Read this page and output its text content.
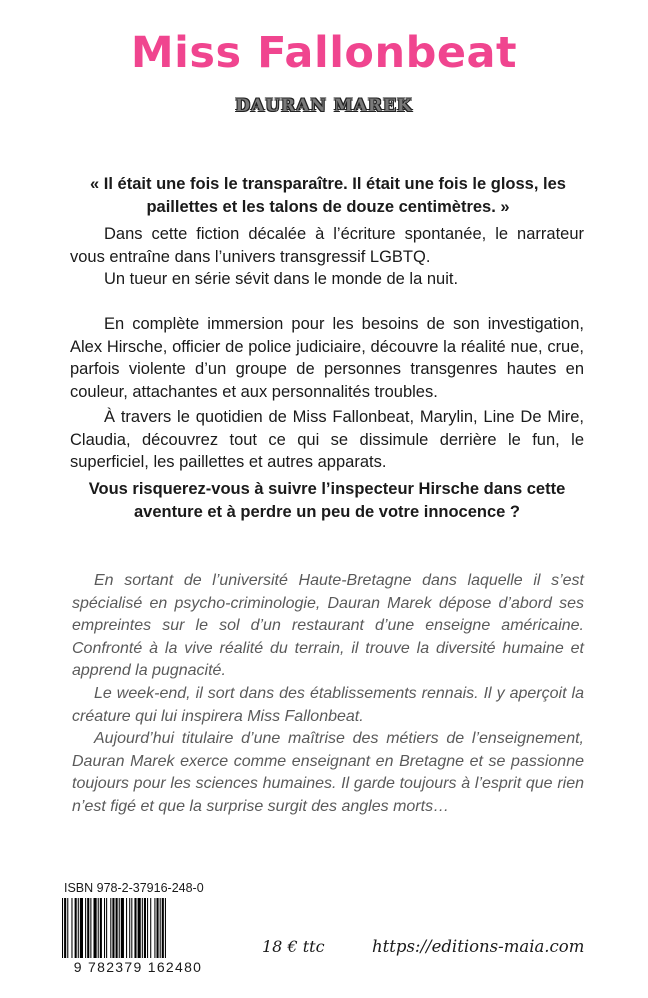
Miss Fallonbeat
DAURAN MAREK
« Il était une fois le transparaître. Il était une fois le gloss, les paillettes et les talons de douze centimètres. »
Dans cette fiction décalée à l’écriture spontanée, le narrateur vous entraîne dans l’univers transgressif LGBTQ.
Un tueur en série sévit dans le monde de la nuit.
En complète immersion pour les besoins de son investigation, Alex Hirsche, officier de police judiciaire, découvre la réalité nue, crue, parfois violente d’un groupe de personnes transgenres hautes en couleur, attachantes et aux personnalités troubles.
À travers le quotidien de Miss Fallonbeat, Marylin, Line De Mire, Claudia, découvrez tout ce qui se dissimule derrière le fun, le superficiel, les paillettes et autres apparats.
Vous risquerez-vous à suivre l’inspecteur Hirsche dans cette aventure et à perdre un peu de votre innocence ?
En sortant de l’université Haute-Bretagne dans laquelle il s’est spécialisé en psycho-criminologie, Dauran Marek dépose d’abord ses empreintes sur le sol d’un restaurant d’une enseigne américaine. Confronté à la vive réalité du terrain, il trouve la diversité humaine et apprend la pugnacité.
Le week-end, il sort dans des établissements rennais. Il y aperçoit la créature qui lui inspirera Miss Fallonbeat.
Aujourd’hui titulaire d’une maîtrise des métiers de l’enseignement, Dauran Marek exerce comme enseignant en Bretagne et se passionne toujours pour les sciences humaines. Il garde toujours à l’esprit que rien n’est figé et que la surprise surgit des angles morts…
ISBN 978-2-37916-248-0
9 782379 162480
18 € ttc	https://editions-maia.com
